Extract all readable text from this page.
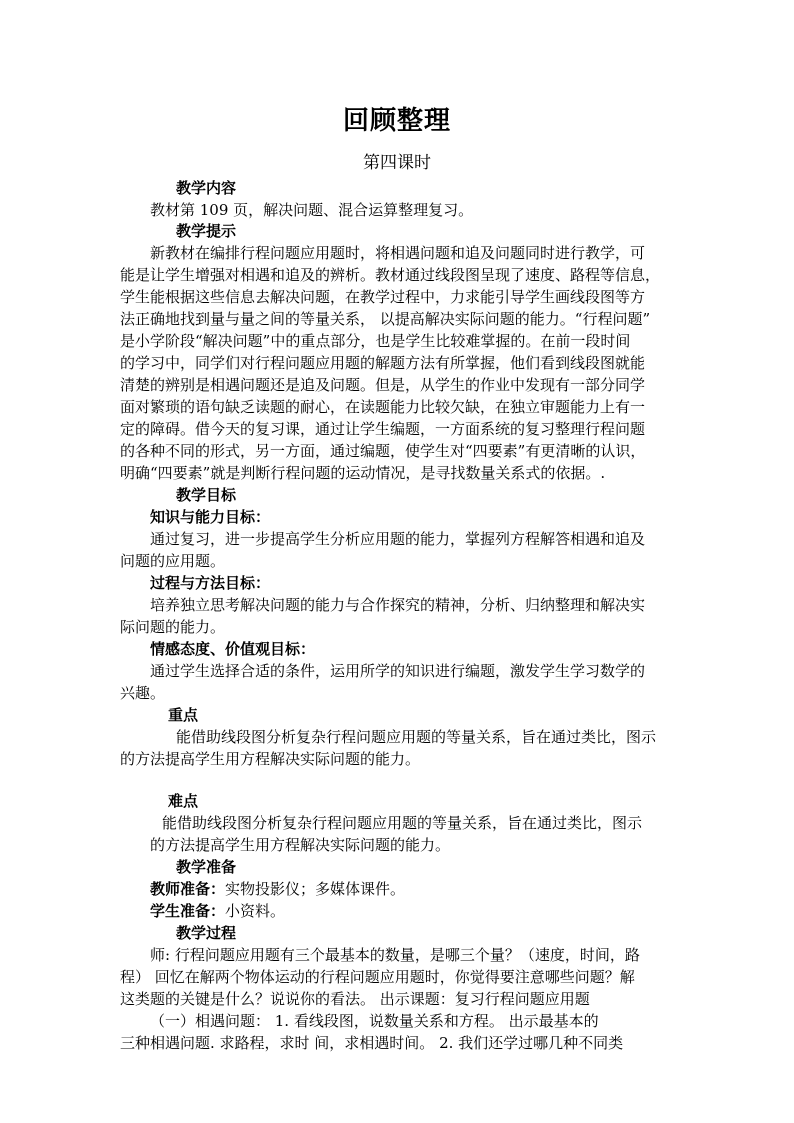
回顾整理
第四课时
教学内容
教材第 109 页，解决问题、混合运算整理复习。
教学提示
新教材在编排行程问题应用题时，将相遇问题和追及问题同时进行教学，可
能是让学生增强对相遇和追及的辨析。教材通过线段图呈现了速度、路程等信息，
学生能根据这些信息去解决问题，在教学过程中，力求能引导学生画线段图等方
法正确地找到量与量之间的等量关系， 以提高解决实际问题的能力。“行程问题”
是小学阶段“解决问题”中的重点部分，也是学生比较难掌握的。在前一段时间
的学习中，同学们对行程问题应用题的解题方法有所掌握，他们看到线段图就能
清楚的辨别是相遇问题还是追及问题。但是，从学生的作业中发现有一部分同学
面对繁琐的语句缺乏读题的耐心，在读题能力比较欠缺，在独立审题能力上有一
定的障碍。借今天的复习课，通过让学生编题，一方面系统的复习整理行程问题
的各种不同的形式，另一方面，通过编题，使学生对“四要素”有更清晰的认识，
明确“四要素”就是判断行程问题的运动情况，是寻找数量关系式的依据。.
教学目标
知识与能力目标：
通过复习，进一步提高学生分析应用题的能力，掌握列方程解答相遇和追及
问题的应用题。
过程与方法目标：
培养独立思考解决问题的能力与合作探究的精神，分析、归纳整理和解决实
际问题的能力。
情感态度、价值观目标：
通过学生选择合适的条件，运用所学的知识进行编题，激发学生学习数学的
兴趣。
重点
能借助线段图分析复杂行程问题应用题的等量关系，旨在通过类比，图示
的方法提高学生用方程解决实际问题的能力。
难点
能借助线段图分析复杂行程问题应用题的等量关系，旨在通过类比，图示
的方法提高学生用方程解决实际问题的能力。
教学准备
教师准备：实物投影仪；多媒体课件。
学生准备：小资料。
教学过程
师: 行程问题应用题有三个最基本的数量，是哪三个量？（速度，时间，路
程） 回忆在解两个物体运动的行程问题应用题时，你觉得要注意哪些问题？解
这类题的关键是什么？说说你的看法。 出示课题：复习行程问题应用题
（一）相遇问题： 1. 看线段图，说数量关系和方程。 出示最基本的
三种相遇问题. 求路程，求时 间，求相遇时间。 2. 我们还学过哪几种不同类
